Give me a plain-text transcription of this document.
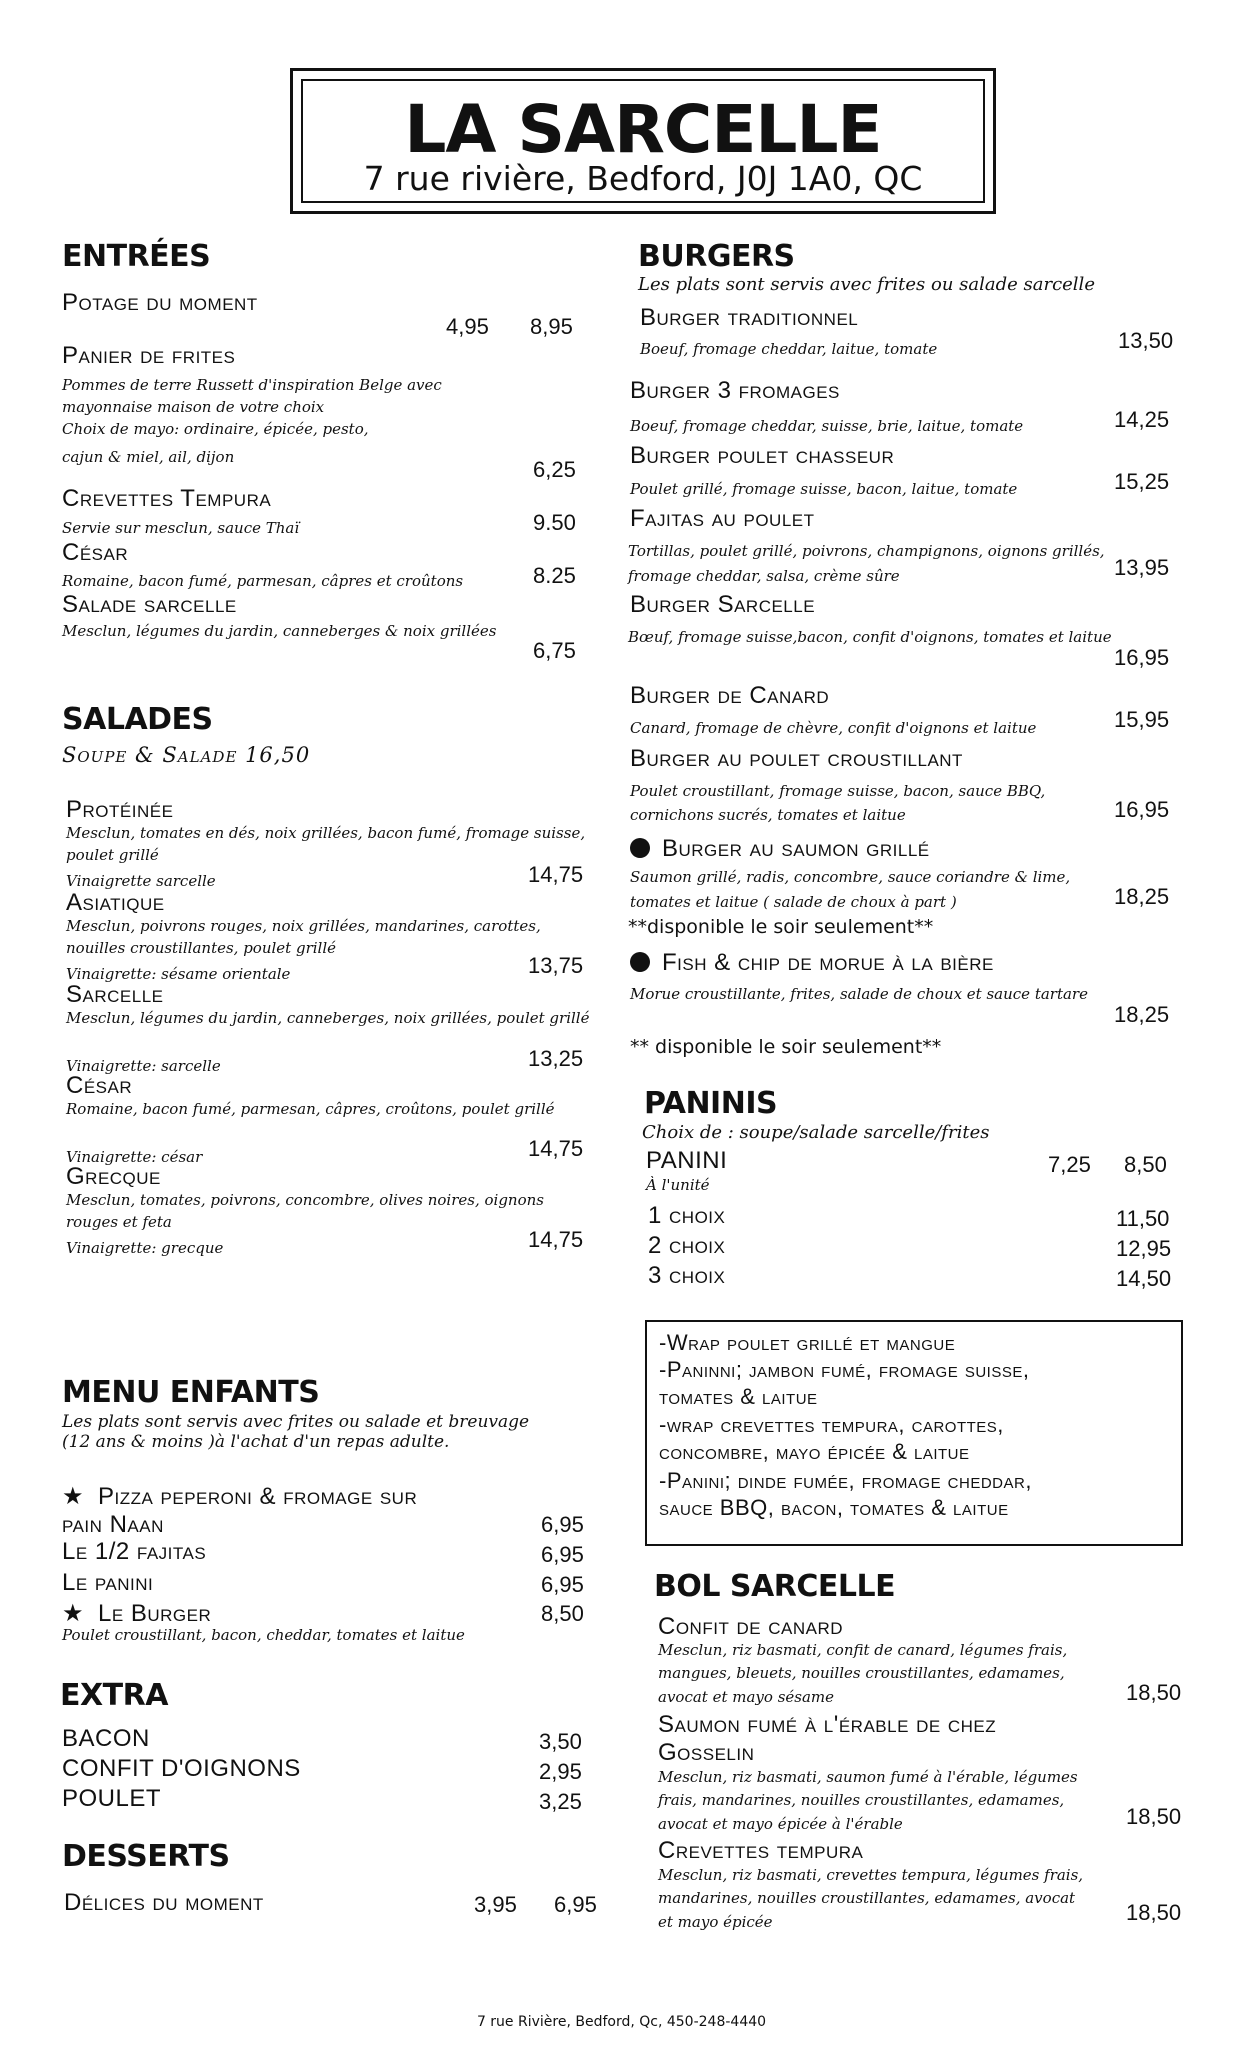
LA SARCELLE
7 rue rivière, Bedford, J0J 1A0, QC
ENTRÉES
Potage du moment
4,95 8,95
Panier de frites
Pommes de terre Russett d'inspiration Belge avec mayonnaise maison de votre choix
Choix de mayo: ordinaire, épicée, pesto,
cajun & miel, ail, dijon	6,25
Crevettes Tempura
Servie sur mesclun, sauce Thaï	9.50
César
Romaine, bacon fumé, parmesan, câpres et croûtons	8.25
Salade sarcelle
Mesclun, légumes du jardin, canneberges & noix grillées
6,75
SALADES
Soupe & Salade 16,50
Protéinée
Mesclun, tomates en dés, noix grillées, bacon fumé, fromage suisse, poulet grillé
Vinaigrette sarcelle	14,75
Asiatique
Mesclun, poivrons rouges, noix grillées, mandarines, carottes, nouilles croustillantes, poulet grillé
Vinaigrette: sésame orientale	13,75
Sarcelle
Mesclun, légumes du jardin, canneberges, noix grillées, poulet grillé
Vinaigrette: sarcelle	13,25
César
Romaine, bacon fumé, parmesan, câpres, croûtons, poulet grillé
Vinaigrette: césar	14,75
Grecque
Mesclun, tomates, poivrons, concombre, olives noires, oignons rouges et feta
Vinaigrette: grecque	14,75
MENU ENFANTS
Les plats sont servis avec frites ou salade et breuvage (12 ans & moins )à l'achat d'un repas adulte.
★ Pizza peperoni & fromage sur
pain Naan	6,95
Le 1/2 fajitas	6,95
Le panini	6,95
★ Le Burger	8,50
Poulet croustillant, bacon, cheddar, tomates et laitue
EXTRA
BACON	3,50
CONFIT D'OIGNONS	2,95
POULET	3,25
DESSERTS
Délices du moment	3,95 6,95
BURGERS
Les plats sont servis avec frites ou salade sarcelle
Burger traditionnel
Boeuf, fromage cheddar, laitue, tomate	13,50
Burger 3 fromages
Boeuf, fromage cheddar, suisse, brie, laitue, tomate	14,25
Burger poulet chasseur
Poulet grillé, fromage suisse, bacon, laitue, tomate	15,25
Fajitas au poulet
Tortillas, poulet grillé, poivrons, champignons, oignons grillés,
fromage cheddar, salsa, crème sûre	13,95
Burger Sarcelle
Bœuf, fromage suisse,bacon, confit d'oignons, tomates et laitue
16,95
Burger de Canard
Canard, fromage de chèvre, confit d'oignons et laitue	15,95
Burger au poulet croustillant
Poulet croustillant, fromage suisse, bacon, sauce BBQ,
cornichons sucrés, tomates et laitue	16,95
Burger au saumon grillé
Saumon grillé, radis, concombre, sauce coriandre & lime,
tomates et laitue ( salade de choux à part )	18,25
**disponible le soir seulement**
Fish & chip de morue à la bière
Morue croustillante, frites, salade de choux et sauce tartare
18,25
** disponible le soir seulement**
PANINIS
Choix de : soupe/salade sarcelle/frites
PANINI	7,25 8,50
À l'unité
1 choix	11,50
2 choix	12,95
3 choix	14,50
-Wrap poulet grillé et mangue
-Paninni; jambon fumé, fromage suisse,
tomates & laitue
-wrap crevettes tempura, carottes,
concombre, mayo épicée & laitue
-Panini; dinde fumée, fromage cheddar,
sauce BBQ, bacon, tomates & laitue
BOL SARCELLE
Confit de canard
Mesclun, riz basmati, confit de canard, légumes frais,
mangues, bleuets, nouilles croustillantes, edamames,
avocat et mayo sésame	18,50
Saumon fumé à l'érable de chez
Gosselin
Mesclun, riz basmati, saumon fumé à l'érable, légumes
frais, mandarines, nouilles croustillantes, edamames,
avocat et mayo épicée à l'érable	18,50
Crevettes tempura
Mesclun, riz basmati, crevettes tempura, légumes frais,
mandarines, nouilles croustillantes, edamames, avocat
et mayo épicée	18,50
7 rue Rivière, Bedford, Qc, 450-248-4440
